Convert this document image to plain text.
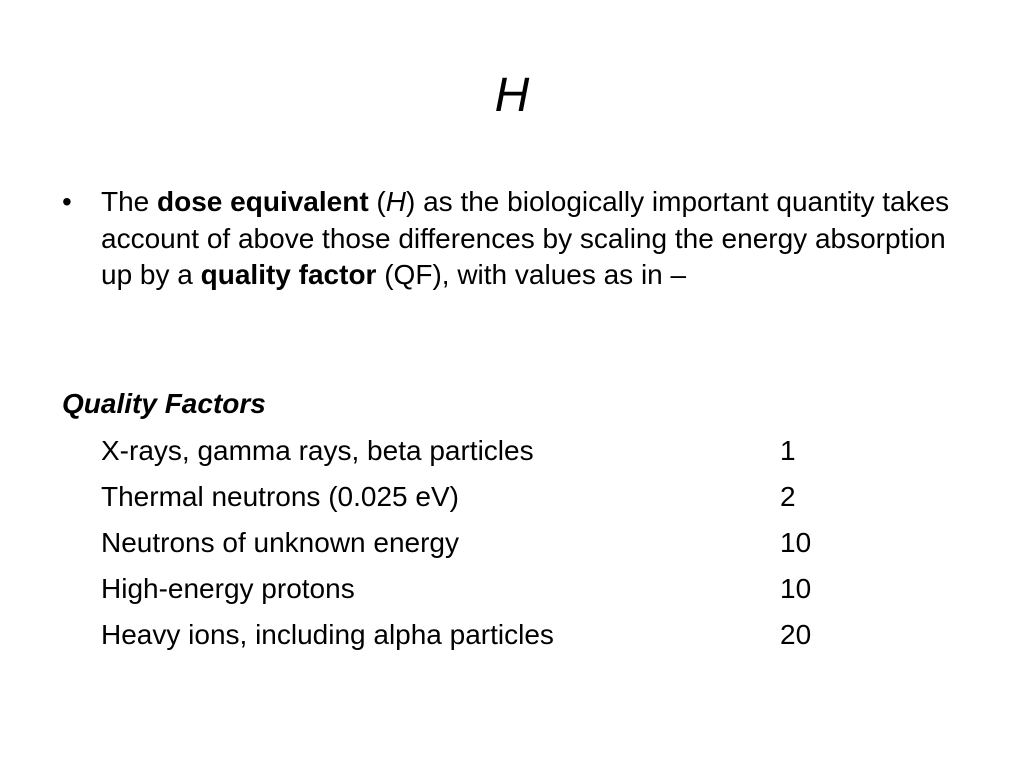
H
• The dose equivalent (H) as the biologically important quantity takes account of above those differences by scaling the energy absorption up by a quality factor (QF), with values as in –
Quality Factors
X-rays, gamma rays, beta particles	1
Thermal neutrons (0.025 eV)	2
Neutrons of unknown energy	10
High-energy protons	10
Heavy ions, including alpha particles	20
